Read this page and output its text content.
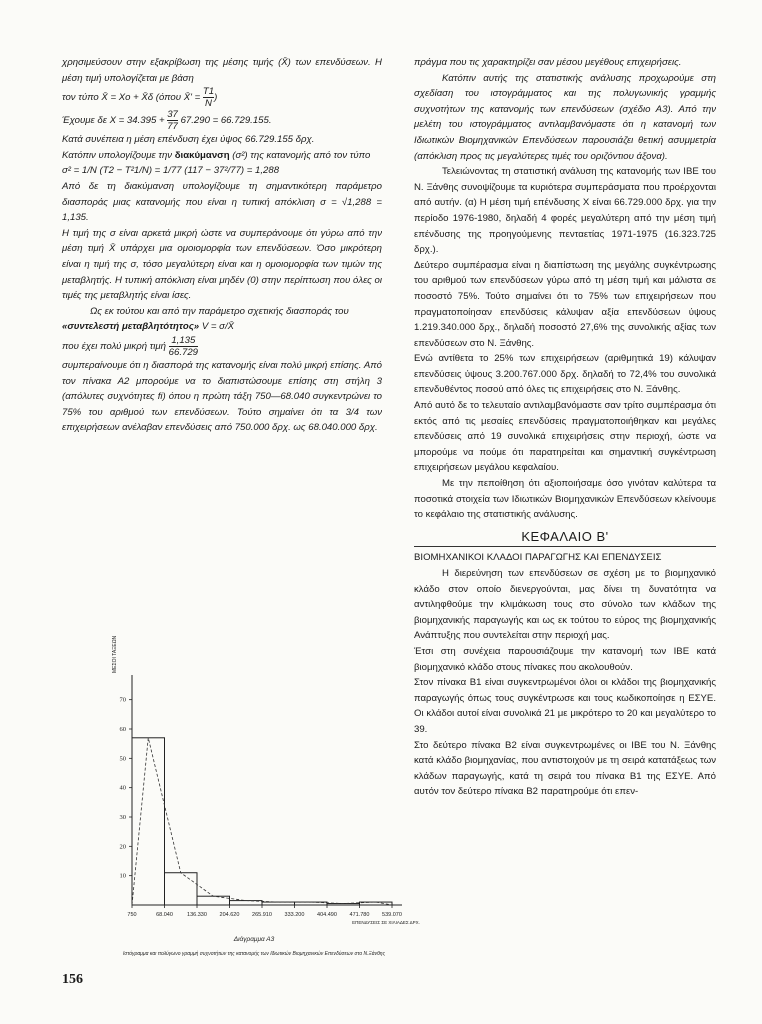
χρησιμεύσουν στην εξακρίβωση της μέσης τιμής (X̄) των επενδύσεων. Η μέση τιμή υπολογίζεται με βάση

τον τύπο X̄ = Xo + X̄δ (όπου X̄' = $\frac{T1}{N}$ )

Έχουμε δε $X = 34.395 + \frac{37}{77} 67.290 = 66.729.155$.

Κατά συνέπεια η μέση επένδυση έχει ύψος 66.729.155 δρχ.

Κατόπιν υπολογίζουμε την διακύμανση (σ²) της κατανομής από τον τύπο

σ² = 1/N (T2 − T²1/N) = 1/77 (117 − 37²/77) = 1,288

Από δε τη διακύμανση υπολογίζουμε τη σημαντικότερη παράμετρο διασποράς μιας κατανομής που είναι η τυπική απόκλιση σ = √1,288 = 1,135.

Η τιμή της σ είναι αρκετά μικρή ώστε να συμπεράνουμε ότι γύρω από την μέση τιμή X̄ υπάρχει μια ομοιομορφία των επενδύσεων. Όσο μικρότερη είναι η τιμή της σ, τόσο μεγαλύτερη είναι και η ομοιομορφία των τιμών της μεταβλητής. Η τυπική απόκλιση είναι μηδέν (0) στην περίπτωση που όλες οι τιμές της μεταβλητής είναι ίσες.

Ως εκ τούτου και από την παράμετρο σχετικής διασποράς του

«συντελεστή μεταβλητότητος» V = σ/X̄

που έχει πολύ μικρή τιμή $\frac{1,135}{66.729}$

συμπεραίνουμε ότι η διασπορά της κατανομής είναι πολύ μικρή επίσης. Από τον πίνακα Α2 μπορούμε να το διαπιστώσουμε επίσης στη στήλη 3 (απόλυτες συχνότητες fi) όπου η πρώτη τάξη 750—68.040 συγκεντρώνει το 75% του αριθμού των επενδύσεων. Τούτο σημαίνει ότι τα 3/4 των επιχειρήσεων ανέλαβαν επενδύσεις από 750.000 δρχ. ως 68.040.000 δρχ.

ΜΕΣΟΙ ΤΑΞΕΩΝ
10
20
30
40
50
60
70
750	68.040	136.330 204.620 265.910 333.200 404.490 471.780 539.070
ΕΠΕΝΔΥΣΕΙΣ ΣΕ ΧΙΛΙΑΔΕΣ ΔΡΧ.
Διάγραμμα Α3
Ιστόγραμμα και πολύγωνο γραμμή συχνοτήτων της κατανομής των Ιδιωτικών Βιομηχανικών Επενδύσεων στο Ν.Ξάνθης

πράγμα που τις χαρακτηρίζει σαν μέσου μεγέθους επιχειρήσεις.

Κατόπιν αυτής της στατιστικής ανάλυσης προχωρούμε στη σχεδίαση του ιστογράμματος και της πολυγωνικής γραμμής συχνοτήτων της κατανομής των επενδύσεων (σχέδιο Α3). Από την μελέτη του ιστογράμματος αντιλαμβανόμαστε ότι η κατανομή των Ιδιωτικών Βιομηχανικών Επενδύσεων παρουσιάζει θετική ασυμμετρία (απόκλιση προς τις μεγαλύτερες τιμές του οριζόντιου άξονα).

Τελειώνοντας τη στατιστική ανάλυση της κατανομής των ΙΒΕ του Ν. Ξάνθης συνοψίζουμε τα κυριότερα συμπεράσματα που προέρχονται από αυτήν. (α) Η μέση τιμή επένδυσης X είναι 66.729.000 δρχ. για την περίοδο 1976-1980, δηλαδή 4 φορές μεγαλύτερη από την μέση τιμή επένδυσης της προηγούμενης πενταετίας 1971-1975 (16.323.725 δρχ.).

Δεύτερο συμπέρασμα είναι η διαπίστωση της μεγάλης συγκέντρωσης του αριθμού των επενδύσεων γύρω από τη μέση τιμή και μάλιστα σε ποσοστό 75%. Τούτο σημαίνει ότι το 75% των επιχειρήσεων που πραγματοποίησαν επενδύσεις κάλυψαν αξία επενδύσεων ύψους 1.219.340.000 δρχ., δηλαδή ποσοστό 27,6% της συνολικής αξίας των επενδύσεων στο Ν. Ξάνθης.

Ενώ αντίθετα το 25% των επιχειρήσεων (αριθμητικά 19) κάλυψαν επενδύσεις ύψους 3.200.767.000 δρχ. δηλαδή το 72,4% του συνολικά επενδυθέντος ποσού από όλες τις επιχειρήσεις στο Ν. Ξάνθης.

Από αυτό δε το τελευταίο αντιλαμβανόμαστε σαν τρίτο συμπέρασμα ότι εκτός από τις μεσαίες επενδύσεις πραγματοποιήθηκαν και μεγάλες επενδύσεις από 19 συνολικά επιχειρήσεις στην περιοχή, ώστε να μπορούμε να πούμε ότι παρατηρείται και σημαντική συγκέντρωση επιχειρήσεων μεγάλου κεφαλαίου.

Με την πεποίθηση ότι αξιοποιήσαμε όσο γινόταν καλύτερα τα ποσοτικά στοιχεία των Ιδιωτικών Βιομηχανικών Επενδύσεων κλείνουμε το κεφάλαιο της στατιστικής ανάλυσης.

ΚΕΦΑΛΑΙΟ Β'

ΒΙΟΜΗΧΑΝΙΚΟΙ ΚΛΑΔΟΙ ΠΑΡΑΓΩΓΗΣ ΚΑΙ ΕΠΕΝΔΥΣΕΙΣ

Η διερεύνηση των επενδύσεων σε σχέση με το βιομηχανικό κλάδο στον οποίο διενεργούνται, μας δίνει τη δυνατότητα να αντιληφθούμε την κλιμάκωση τους στο σύνολο των κλάδων της βιομηχανικής παραγωγής και ως εκ τούτου το εύρος της βιομηχανικής Ανάπτυξης που συντελείται στην περιοχή μας.

Έτσι στη συνέχεια παρουσιάζουμε την κατανομή των ΙΒΕ κατά βιομηχανικό κλάδο στους πίνακες που ακολουθούν.

Στον πίνακα Β1 είναι συγκεντρωμένοι όλοι οι κλάδοι της βιομηχανικής παραγωγής όπως τους συγκέντρωσε και τους κωδικοποίησε η ΕΣΥΕ. Οι κλάδοι αυτοί είναι συνολικά 21 με μικρότερο το 20 και μεγαλύτερο το 39.

Στο δεύτερο πίνακα Β2 είναι συγκεντρωμένες οι ΙΒΕ του Ν. Ξάνθης κατά κλάδο βιομηχανίας, που αντιστοιχούν με τη σειρά κατατάξεως των κλάδων παραγωγής, κατά τη σειρά του πίνακα Β1 της ΕΣΥΕ. Από αυτόν τον δεύτερο πίνακα Β2 παρατηρούμε ότι επεν-

156
